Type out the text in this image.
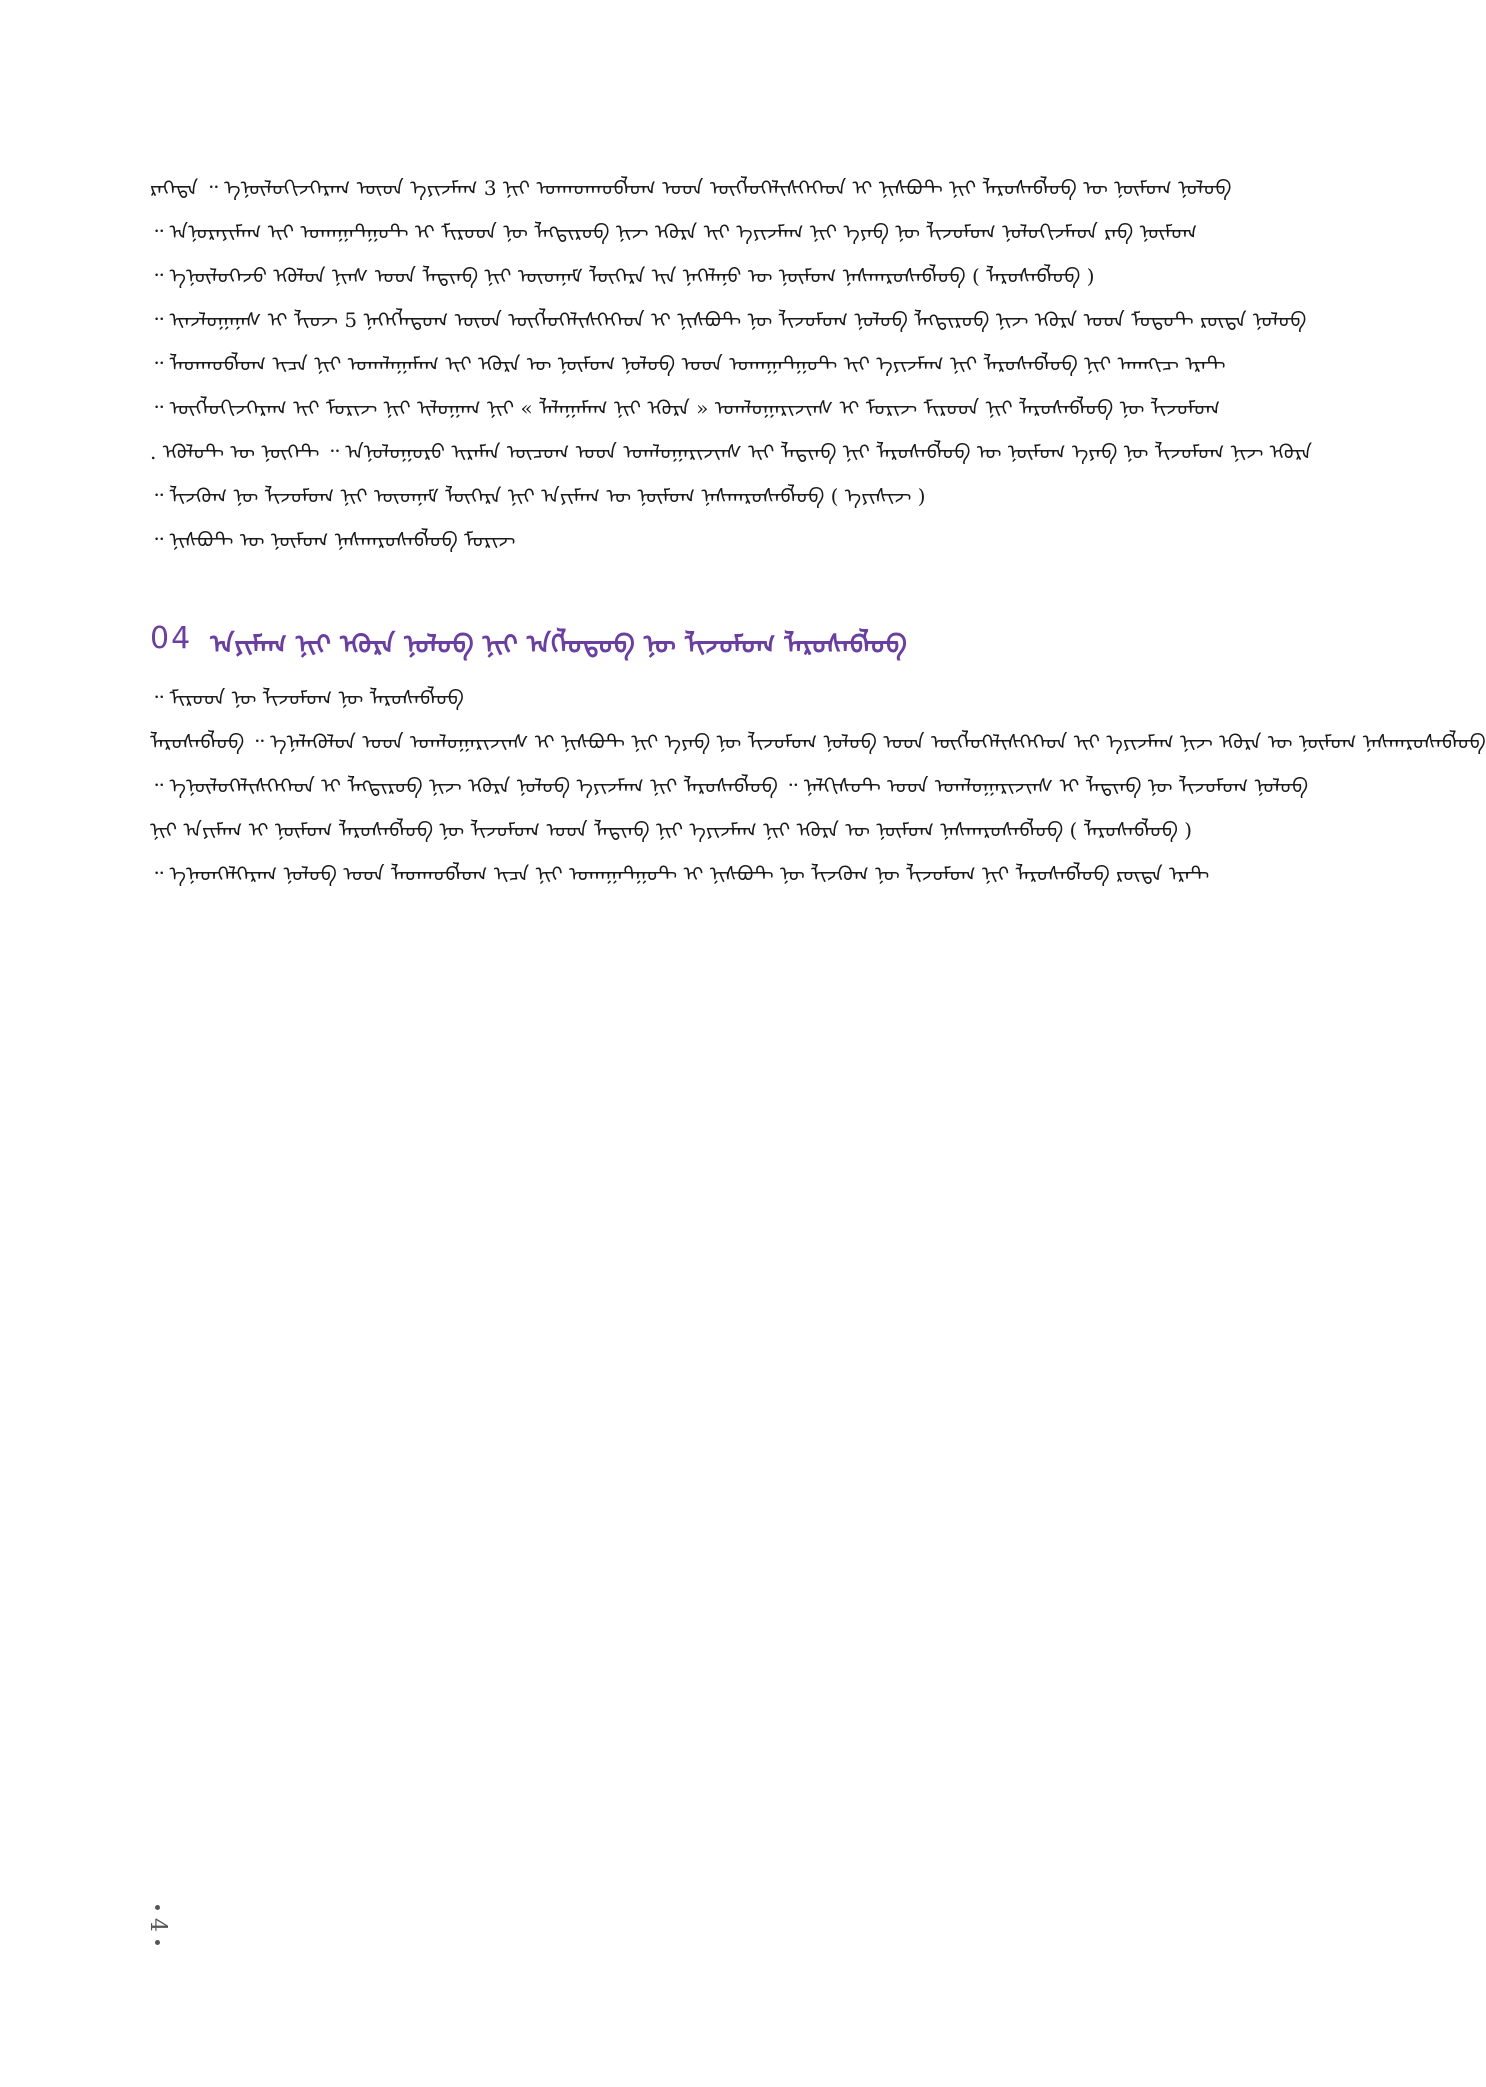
ᠪᠣᠯᠤᠨ ᠬᠦᠮᠦᠨ ᠦ ᠪᠣᠯᠪᠠᠰᠤᠷᠠᠯ ᠶᠢᠨ ᠲᠦᠪᠰᠢᠨ ᠢ ᠳᠡᠭᠡᠭᠰᠢᠯᠡᠭᠦᠯᠬᠦ ᠳᠤ ᠬᠣᠯᠪᠣᠭᠳᠠᠬᠤ ᠶᠢᠨ 3 ᠬᠡᠮᠵᠢᠶ᠎ᠡ ᠳᠦ ᠬᠡᠷᠡᠭᠵᠢᠭᠦᠯᠦᠨ᠎ᠡ ᠃ ᠡᠳᠡᠭᠡᠷ
ᠬᠦᠮᠦᠨ ᠪᠡᠷ ᠳᠠᠮᠵᠢᠭᠤᠯᠤᠨ ᠬᠦᠮᠦᠵᠢᠯ ᠦᠨ ᠪᠡᠶ᠎ᠡ ᠶᠢᠨ ᠬᠡᠮᠵᠢᠶ᠎ᠡ ᠶᠢ ᠡᠷᠦᠬᠡ ᠵᠢᠨ ᠪᠦᠷᠢᠳᠭᠡᠯ ᠦᠨ ᠳᠦᠷᠢᠮ ᠢ ᠲᠣᠭᠲᠠᠭᠠᠬᠤ ᠶᠢ ᠬᠠᠮᠢᠶᠠᠷᠤᠨ᠎ᠠ ᠃
( ᠪᠣᠯᠪᠠᠰᠤᠷᠠᠯ ) ᠪᠣᠯᠪᠠᠰᠤᠷᠠᠭᠰᠠᠨ ᠬᠦᠮᠦᠨ ᠦ ᠦᠨᠡᠯᠡᠭᠡᠨ ᠨᠢ ᠡᠷᠡᠭᠦᠯ ᠮᠡᠨᠳᠦ ᠶᠢᠨ ᠪᠠᠢᠳᠠᠯ ᠳᠤ ᠰᠠᠢᠨ ᠨᠥᠯᠦᠭᠡ ᠦᠵᠡᠭᠦᠯᠦᠨ᠎ᠡ ᠃
ᠪᠣᠯᠤᠨ ᠡᠳᠦᠷ ᠲᠤᠲᠤᠮ ᠳᠤ ᠡᠷᠦᠬᠡ ᠵᠢᠨ ᠪᠦᠷᠢᠳᠭᠡᠯ ᠪᠣᠯᠤᠨ ᠬᠦᠮᠦᠵᠢᠯ ᠦᠨ ᠲᠦᠪᠰᠢᠨ ᠢ ᠳᠡᠭᠡᠭᠰᠢᠯᠡᠭᠦᠯᠬᠦ ᠳᠦ ᠬᠥᠳᠡᠯᠭᠡᠭᠡᠨ 5 ᠵᠦᠢᠯ ᠢ ᠰᠠᠨᠠᠭᠤᠯᠵᠠᠢ ᠃
ᠲᠡᠷᠡ ᠴᠢᠩᠭᠠ ᠶᠢᠨ ᠪᠣᠯᠪᠠᠰᠤᠷᠠᠯ ᠶᠢᠨ ᠬᠡᠮᠵᠢᠶ᠎ᠡ ᠶᠢ ᠲᠣᠭᠲᠠᠭᠠᠬᠤ ᠳᠤ ᠪᠣᠯᠤᠨ ᠬᠦᠮᠦᠨ ᠦ ᠡᠷᠦᠬᠡ ᠶᠢ ᠬᠠᠮᠠᠭᠠᠯᠠᠬᠤ ᠶᠢᠨ ᠠᠴᠢ ᠬᠣᠯᠪᠣᠭᠳᠠᠯ ᠃
ᠬᠦᠮᠦᠵᠢᠯ ᠦᠨ ᠪᠣᠯᠪᠠᠰᠤᠷᠠᠯ ᠶᠢᠨ ᠳᠦᠷᠢᠮ ᠵᠢᠷᠤᠮ ᠢ ᠰᠠᠢᠵᠢᠷᠠᠭᠤᠯᠬᠤ « ᠡᠷᠦᠬᠡ ᠶᠢᠨ ᠬᠠᠮᠠᠭᠠᠯᠠᠯ » ᠶᠢᠨ ᠬᠠᠭᠤᠯᠢ ᠶᠢᠨ ᠵᠢᠷᠤᠮ ᠶᠢ ᠬᠡᠷᠡᠭᠵᠢᠭᠦᠯᠬᠦ ᠃
ᠡᠷᠦᠬᠡ ᠵᠢᠨ ᠬᠦᠮᠦᠵᠢᠯ ᠦᠨ ᠪᠡᠶ᠎ᠡ ᠬᠦᠮᠦᠨ ᠦ ᠪᠣᠯᠪᠠᠰᠤᠷᠠᠯ ᠶᠢᠨ ᠪᠠᠢᠳᠠᠯ ᠶᠢ ᠰᠠᠢᠵᠢᠷᠠᠭᠤᠯᠬᠤ ᠳᠤ ᠬᠦᠴᠦ ᠨᠡᠮᠡᠷᠢ ᠣᠷᠤᠭᠤᠯᠤᠨ᠎ᠠ ᠃ ᠲᠡᠭᠦᠨ ᠦ ᠲᠥᠯᠦᠭᠡ .
( ᠵᠢᠱᠢᠶ᠎ᠡ ) ᠪᠣᠯᠪᠠᠰᠤᠷᠠᠭᠰᠠᠨ ᠬᠦᠮᠦᠨ ᠦ ᠬᠠᠮᠢᠶ᠎ᠠ ᠶᠢᠨ ᠡᠷᠡᠭᠦᠯ ᠮᠡᠨᠳᠦ ᠶᠢᠨ ᠬᠦᠮᠦᠵᠢᠯ ᠦᠨ ᠬᠥᠭᠵᠢᠯ ᠃
ᠵᠢᠷᠤᠮ ᠪᠣᠯᠪᠠᠰᠤᠷᠠᠭᠰᠠᠨ ᠬᠦᠮᠦᠨ ᠦ ᠲᠦᠪᠰᠢᠨ ᠃
ᠪᠣᠯᠪᠠᠰᠤᠷᠠᠯ ᠦᠨ ᠬᠦᠮᠦᠵᠢᠯ ᠦᠨ ᠳᠦᠷᠢᠮ ᠃
ᠪᠣᠯᠪᠠᠰᠤᠷᠠᠭᠰᠠᠨ ᠬᠦᠮᠦᠨ ᠦ ᠡᠷᠦᠬᠡ ᠵᠢᠨ ᠬᠡᠮᠵᠢᠶ᠎ᠡ ᠶᠢ ᠳᠡᠭᠡᠭᠰᠢᠯᠡᠭᠦᠯᠬᠦ ᠳᠤ ᠪᠣᠯᠤᠨ ᠬᠦᠮᠦᠵᠢᠯ ᠦᠨ ᠪᠡᠶ᠎ᠡ ᠶᠢᠨ ᠲᠦᠪᠰᠢᠨ ᠢ ᠰᠠᠢᠵᠢᠷᠠᠭᠤᠯᠬᠤ ᠳᠤ ᠨᠥᠯᠦᠭᠡᠯᠡᠨ᠎ᠡ ᠃ ᠪᠣᠯᠪᠠᠰᠤᠷᠠᠯ
ᠪᠣᠯᠤᠨ ᠬᠦᠮᠦᠵᠢᠯ ᠦᠨ ᠪᠠᠢᠳᠠᠯ ᠢ ᠰᠠᠢᠵᠢᠷᠠᠭᠤᠯᠬᠤ ᠳᠤ ᠲᠦᠰᠢᠭᠯᠡᠨ ᠃ ᠪᠣᠯᠪᠠᠰᠤᠷᠠᠯ ᠶᠢᠨ ᠬᠡᠮᠵᠢᠶ᠎ᠡ ᠪᠣᠯᠤᠨ ᠡᠷᠦᠬᠡ ᠵᠢᠨ ᠪᠦᠷᠢᠳᠭᠡᠯ ᠢ ᠳᠡᠭᠡᠭᠰᠢᠯᠡᠭᠦᠯᠦᠨ᠎ᠡ ᠃
( ᠪᠣᠯᠪᠠᠰᠤᠷᠠᠯ ) ᠪᠣᠯᠪᠠᠰᠤᠷᠠᠭᠰᠠᠨ ᠬᠦᠮᠦᠨ ᠦ ᠡᠷᠦᠬᠡ ᠶᠢᠨ ᠬᠡᠮᠵᠢᠶ᠎ᠡ ᠶᠢᠨ ᠪᠠᠢᠳᠠᠯ ᠳᠤ ᠬᠦᠮᠦᠵᠢᠯ ᠦᠨ ᠪᠣᠯᠪᠠᠰᠤᠷᠠᠯ ᠬᠦᠮᠦᠨ ᠢ ᠬᠠᠮᠢᠶ᠎ᠠ ᠶᠢᠨ
ᠲᠡᠷᠡ ᠡᠳᠦᠷ ᠪᠣᠯᠪᠠᠰᠤᠷᠠᠯ ᠶᠢᠨ ᠬᠦᠮᠦᠵᠢᠯ ᠦᠨ ᠬᠥᠭᠵᠢᠯ ᠦᠨ ᠲᠦᠪᠰᠢᠨ ᠢ ᠲᠣᠭᠲᠠᠭᠠᠬᠤ ᠶᠢᠨ ᠠᠴᠢ ᠬᠣᠯᠪᠣᠭᠳᠠᠯ ᠳᠤ ᠪᠣᠯᠤᠨ ᠬᠡᠷᠡᠭᠯᠡᠭᠳᠡᠨ᠎ᠡ ᠃
04 ᠪᠣᠯᠪᠠᠰᠤᠷᠠᠯ ᠬᠦᠮᠦᠵᠢᠯ ᠦᠨ ᠪᠣᠳᠣᠯᠭ᠎ᠠ ᠶᠢᠨ ᠪᠣᠯᠤᠨ ᠡᠷᠦᠬᠡ ᠶᠢᠨ ᠬᠠᠮᠢᠶ᠎ᠠ
4
